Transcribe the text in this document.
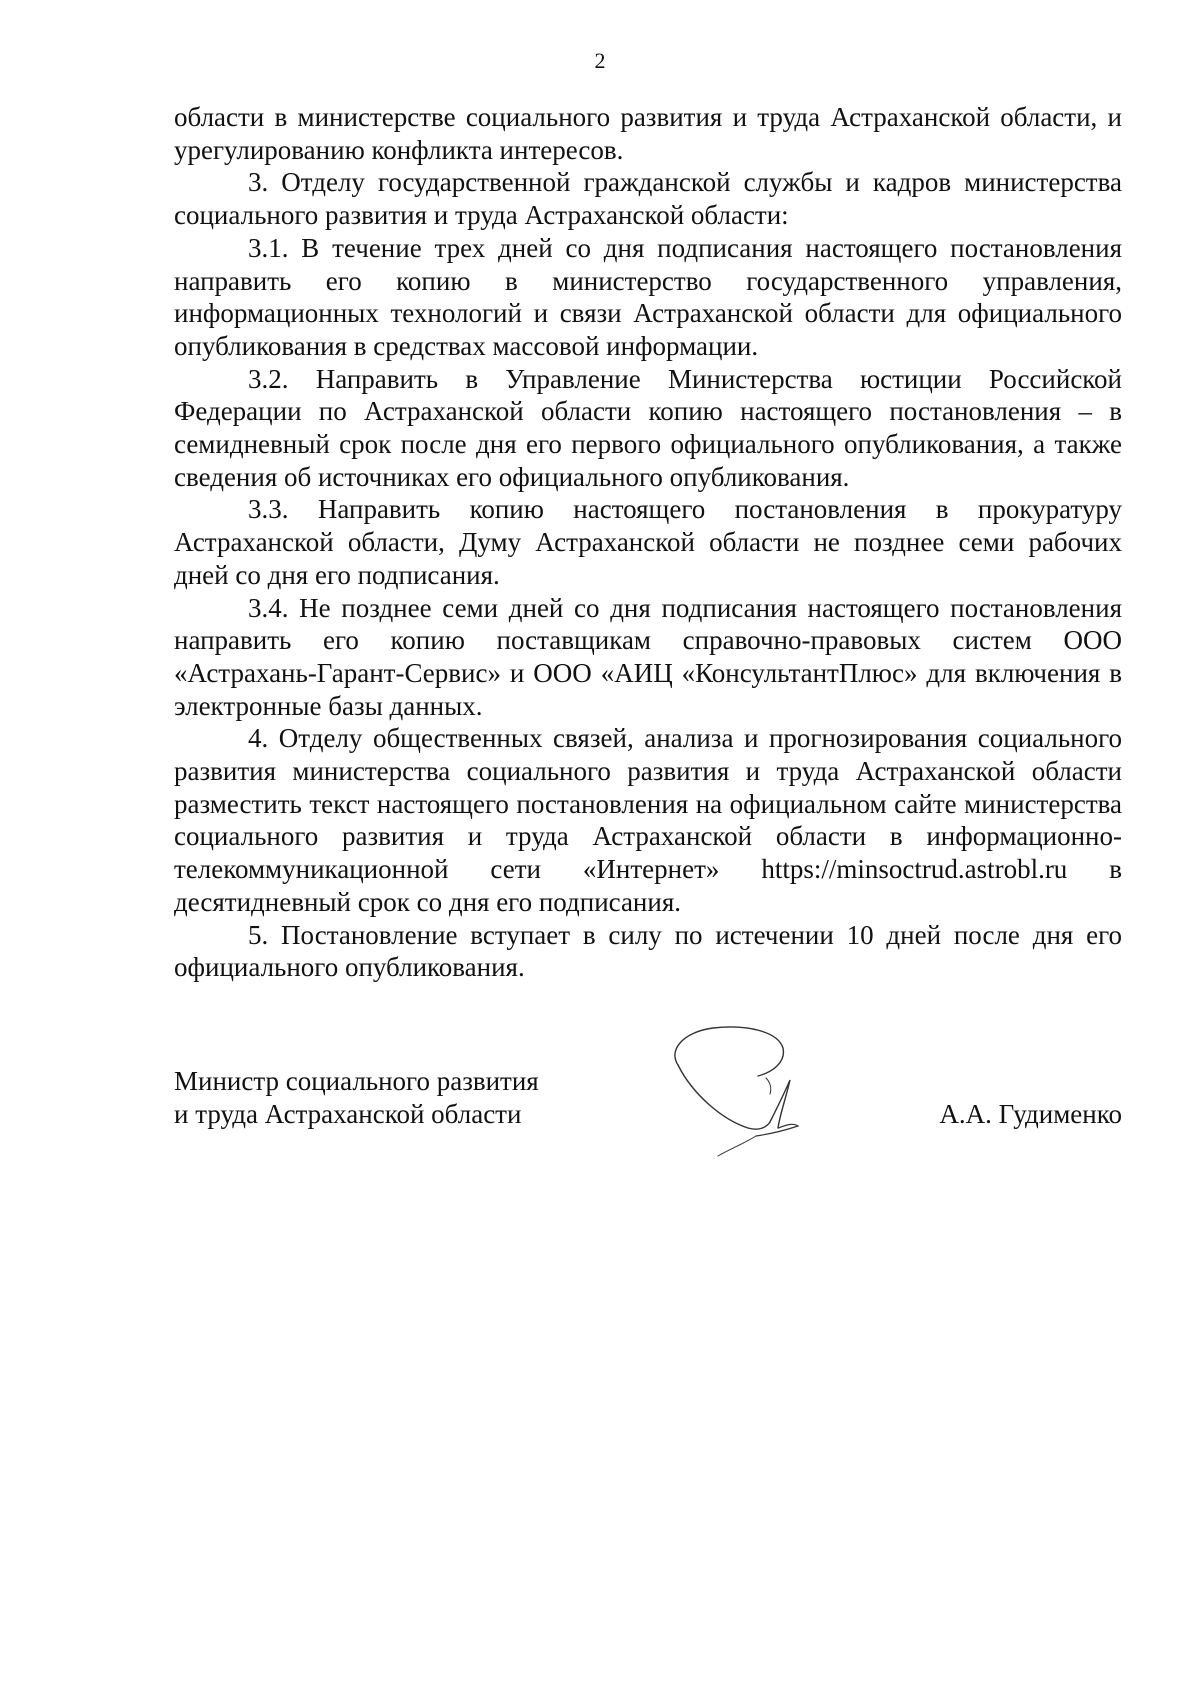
2

области в министерстве социального развития и труда Астраханской области, и урегулированию конфликта интересов.

3. Отделу государственной гражданской службы и кадров министерства социального развития и труда Астраханской области:

3.1. В течение трех дней со дня подписания настоящего постановления направить его копию в министерство государственного управления, информационных технологий и связи Астраханской области для официального опубликования в средствах массовой информации.

3.2. Направить в Управление Министерства юстиции Российской Федерации по Астраханской области копию настоящего постановления – в семидневный срок после дня его первого официального опубликования, а также сведения об источниках его официального опубликования.

3.3. Направить копию настоящего постановления в прокуратуру Астраханской области, Думу Астраханской области не позднее семи рабочих дней со дня его подписания.

3.4. Не позднее семи дней со дня подписания настоящего постановления направить его копию поставщикам справочно-правовых систем ООО «Астрахань-Гарант-Сервис» и ООО «АИЦ «КонсультантПлюс» для включения в электронные базы данных.

4. Отделу общественных связей, анализа и прогнозирования социального развития министерства социального развития и труда Астраханской области разместить текст настоящего постановления на официальном сайте министерства социального развития и труда Астраханской области в информационно-телекоммуникационной сети «Интернет» https://minsoctrud.astrobl.ru в десятидневный срок со дня его подписания.

5. Постановление вступает в силу по истечении 10 дней после дня его официального опубликования.

Министр социального развития
и труда Астраханской области	А.А. Гудименко
